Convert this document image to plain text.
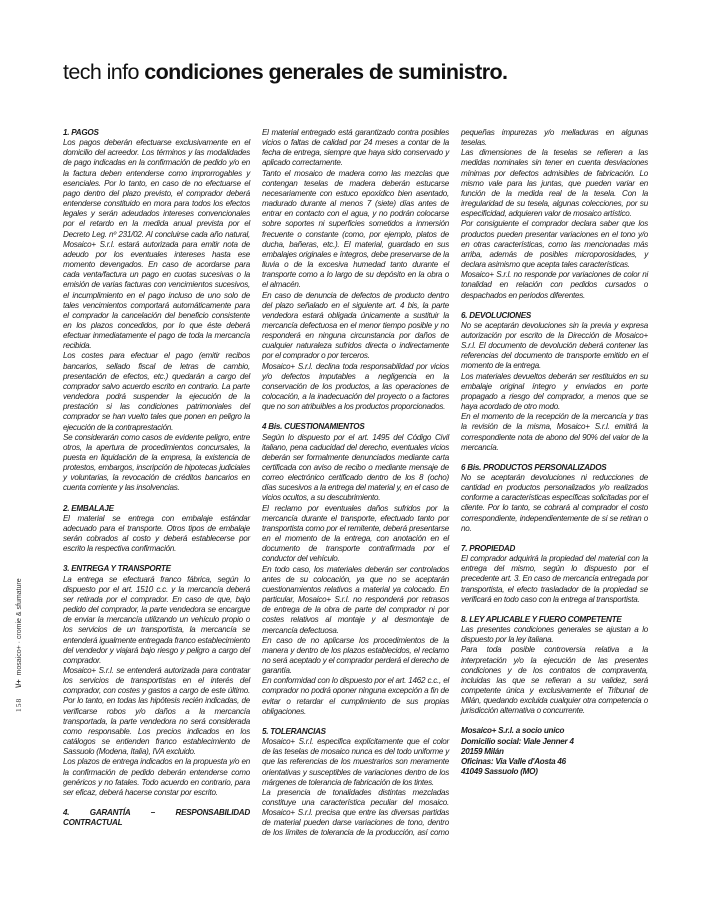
tech info condiciones generales de suministro.
158 \/+ mosaico+ · cromie & sfumature
1. PAGOS
Los pagos deberán efectuarse exclusivamente en el domicilio del acreedor. Los términos y las modalidades de pago indicadas en la confirmación de pedido y/o en la factura deben entenderse como improrrogables y esenciales. Por lo tanto, en caso de no efectuarse el pago dentro del plazo previsto, el comprador deberá entenderse constituido en mora para todos los efectos legales y serán adeudados intereses convencionales por el retardo en la medida anual prevista por el Decreto Leg. nº 231/02. Al concluirse cada año natural, Mosaico+ S.r.l. estará autorizada para emitir nota de adeudo por los eventuales intereses hasta ese momento devengados. En caso de acordarse para cada venta/factura un pago en cuotas sucesivas o la emisión de varias facturas con vencimientos sucesivos, el incumplimiento en el pago incluso de uno solo de tales vencimientos comportará automáticamente para el comprador la cancelación del beneficio consistente en los plazos concedidos, por lo que éste deberá efectuar inmediatamente el pago de toda la mercancía recibida.
Los costes para efectuar el pago (emitir recibos bancarios, sellado fiscal de letras de cambio, presentación de efectos, etc.) quedarán a cargo del comprador salvo acuerdo escrito en contrario. La parte vendedora podrá suspender la ejecución de la prestación si las condiciones patrimoniales del comprador se han vuelto tales que ponen en peligro la ejecución de la contraprestación.
Se considerarán como casos de evidente peligro, entre otros, la apertura de procedimientos concursales, la puesta en liquidación de la empresa, la existencia de protestos, embargos, inscripción de hipotecas judiciales y voluntarias, la revocación de créditos bancarios en cuenta corriente y las insolvencias.
2. EMBALAJE
El material se entrega con embalaje estándar adecuado para el transporte. Otros tipos de embalaje serán cobrados al costo y deberá establecerse por escrito la respectiva confirmación.
3. ENTREGA Y TRANSPORTE
La entrega se efectuará franco fábrica, según lo dispuesto por el art. 1510 c.c. y la mercancía deberá ser retirada por el comprador. En caso de que, bajo pedido del comprador, la parte vendedora se encargue de enviar la mercancía utilizando un vehículo propio o los servicios de un transportista, la mercancía se entenderá igualmente entregada franco establecimiento del vendedor y viajará bajo riesgo y peligro a cargo del comprador.
Mosaico+ S.r.l. se entenderá autorizada para contratar los servicios de transportistas en el interés del comprador, con costes y gastos a cargo de este último. Por lo tanto, en todas las hipótesis recién indicadas, de verificarse robos y/o daños a la mercancía transportada, la parte vendedora no será considerada como responsable. Los precios indicados en los catálogos se entienden franco establecimiento de Sassuolo (Modena, Italia), IVA excluido.
Los plazos de entrega indicados en la propuesta y/o en la confirmación de pedido deberán entenderse como genéricos y no fatales. Todo acuerdo en contrario, para ser eficaz, deberá hacerse constar por escrito.
4. GARANTÍA – RESPONSABILIDAD CONTRACTUAL
El material entregado está garantizado contra posibles vicios o faltas de calidad por 24 meses a contar de la fecha de entrega, siempre que haya sido conservado y aplicado correctamente.
Tanto el mosaico de madera como las mezclas que contengan teselas de madera deberán estucarse necesariamente con estuco epoxídico bien asentado, madurado durante al menos 7 (siete) días antes de entrar en contacto con el agua, y no podrán colocarse sobre soportes ni superficies sometidos a inmersión frecuente o constante (como, por ejemplo, platos de ducha, bañeras, etc.). El material, guardado en sus embalajes originales e íntegros, debe preservarse de la lluvia o de la excesiva humedad tanto durante el transporte como a lo largo de su depósito en la obra o el almacén.
En caso de denuncia de defectos de producto dentro del plazo señalado en el siguiente art. 4 bis, la parte vendedora estará obligada únicamente a sustituir la mercancía defectuosa en el menor tiempo posible y no responderá en ninguna circunstancia por daños de cualquier naturaleza sufridos directa o indirectamente por el comprador o por terceros.
Mosaico+ S.r.l. declina toda responsabilidad por vicios y/o defectos imputables a negligencia en la conservación de los productos, a las operaciones de colocación, a la inadecuación del proyecto o a factores que no son atribuibles a los productos proporcionados.
4 Bis. CUESTIONAMIENTOS
Según lo dispuesto por el art. 1495 del Código Civil italiano, pena caducidad del derecho, eventuales vicios deberán ser formalmente denunciados mediante carta certificada con aviso de recibo o mediante mensaje de correo electrónico certificado dentro de los 8 (ocho) días sucesivos a la entrega del material y, en el caso de vicios ocultos, a su descubrimiento.
El reclamo por eventuales daños sufridos por la mercancía durante el transporte, efectuado tanto por transportista como por el remitente, deberá presentarse en el momento de la entrega, con anotación en el documento de transporte contrafirmada por el conductor del vehículo.
En todo caso, los materiales deberán ser controlados antes de su colocación, ya que no se aceptarán cuestionamientos relativos a material ya colocado. En particular, Mosaico+ S.r.l. no responderá por retrasos de entrega de la obra de parte del comprador ni por costes relativos al montaje y al desmontaje de mercancía defectuosa.
En caso de no aplicarse los procedimientos de la manera y dentro de los plazos establecidos, el reclamo no será aceptado y el comprador perderá el derecho de garantía.
En conformidad con lo dispuesto por el art. 1462 c.c., el comprador no podrá oponer ninguna excepción a fin de evitar o retardar el cumplimiento de sus propias obligaciones.
5. TOLERANCIAS
Mosaico+ S.r.l. especifica explícitamente que el color de las teselas de mosaico nunca es del todo uniforme y que las referencias de los muestrarios son meramente orientativas y susceptibles de variaciones dentro de los márgenes de tolerancia de fabricación de los tintes.
La presencia de tonalidades distintas mezcladas constituye una característica peculiar del mosaico. Mosaico+ S.r.l. precisa que entre las diversas partidas de material pueden darse variaciones de tono, dentro de los límites de tolerancia de la producción, así como pequeñas impurezas y/o melladuras en algunas teselas.
Las dimensiones de la teselas se refieren a las medidas nominales sin tener en cuenta desviaciones mínimas por defectos admisibles de fabricación. Lo mismo vale para las juntas, que pueden variar en función de la medida real de la tesela. Con la irregularidad de su tesela, algunas colecciones, por su especificidad, adquieren valor de mosaico artístico.
Por consiguiente el comprador declara saber que los productos pueden presentar variaciones en el tono y/o en otras características, como las mencionadas más arriba, además de posibles microporosidades, y declara asimismo que acepta tales características.
Mosaico+ S.r.l. no responde por variaciones de color ni tonalidad en relación con pedidos cursados o despachados en periodos diferentes.
6. DEVOLUCIONES
No se aceptarán devoluciones sin la previa y expresa autorización por escrito de la Dirección de Mosaico+ S.r.l. El documento de devolución deberá contener las referencias del documento de transporte emitido en el momento de la entrega.
Los materiales devueltos deberán ser restituidos en su embalaje original íntegro y enviados en porte propagado a riesgo del comprador, a menos que se haya acordado de otro modo.
En el momento de la recepción de la mercancía y tras la revisión de la misma, Mosaico+ S.r.l. emitirá la correspondiente nota de abono del 90% del valor de la mercancía.
6 Bis. PRODUCTOS PERSONALIZADOS
No se aceptarán devoluciones ni reducciones de cantidad en productos personalizados y/o realizados conforme a características específicas solicitadas por el cliente. Por lo tanto, se cobrará al comprador el costo correspondiente, independientemente de si se retiran o no.
7. PROPIEDAD
El comprador adquirirá la propiedad del material con la entrega del mismo, según lo dispuesto por el precedente art. 3. En caso de mercancía entregada por transportista, el efecto trasladador de la propiedad se verificará en todo caso con la entrega al transportista.
8. LEY APLICABLE Y FUERO COMPETENTE
Las presentes condiciones generales se ajustan a lo dispuesto por la ley italiana.
Para toda posible controversia relativa a la interpretación y/o la ejecución de las presentes condiciones y de los contratos de compraventa, incluidas las que se refieran a su validez, será competente única y exclusivamente el Tribunal de Milán, quedando excluida cualquier otra competencia o jurisdicción alternativa o concurrente.
Mosaico+ S.r.l. a socio unico
Domicilio social: Viale Jenner 4
20159 Milán
Oficinas: Via Valle d'Aosta 46
41049 Sassuolo (MO)
